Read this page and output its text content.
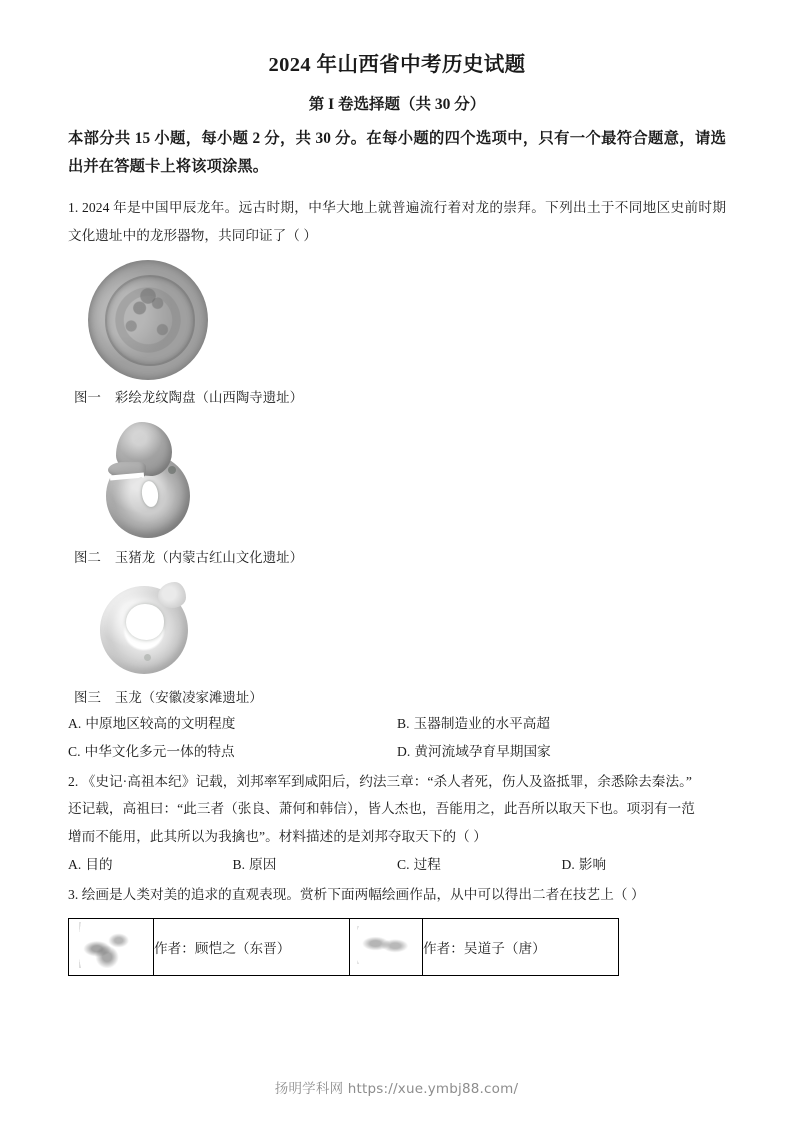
2024 年山西省中考历史试题
第 I 卷选择题（共 30 分）
本部分共 15 小题，每小题 2 分，共 30 分。在每小题的四个选项中，只有一个最符合题意，请选出并在答题卡上将该项涂黑。

1. 2024 年是中国甲辰龙年。远古时期，中华大地上就普遍流行着对龙的崇拜。下列出土于不同地区史前时期文化遗址中的龙形器物，共同印证了（ ）

图一 彩绘龙纹陶盘（山西陶寺遗址）
图二 玉猪龙（内蒙古红山文化遗址）
图三 玉龙（安徽凌家滩遗址）
A. 中原地区较高的文明程度	B. 玉器制造业的水平高超
C. 中华文化多元一体的特点	D. 黄河流域孕育早期国家

2. 《史记·高祖本纪》记载，刘邦率军到咸阳后，约法三章：“杀人者死，伤人及盗抵罪，余悉除去秦法。”

还记载，高祖曰：“此三者（张良、萧何和韩信），皆人杰也，吾能用之，此吾所以取天下也。项羽有一范

增而不能用，此其所以为我擒也”。材料描述的是刘邦夺取天下的（ ）

A. 目的	B. 原因	C. 过程	D. 影响

3. 绘画是人类对美的追求的直观表现。赏析下面两幅绘画作品，从中可以得出二者在技艺上（ ）

	作者：顾恺之（东晋）		作者：吴道子（唐）
扬明学科网 https://xue.ymbj88.com/
